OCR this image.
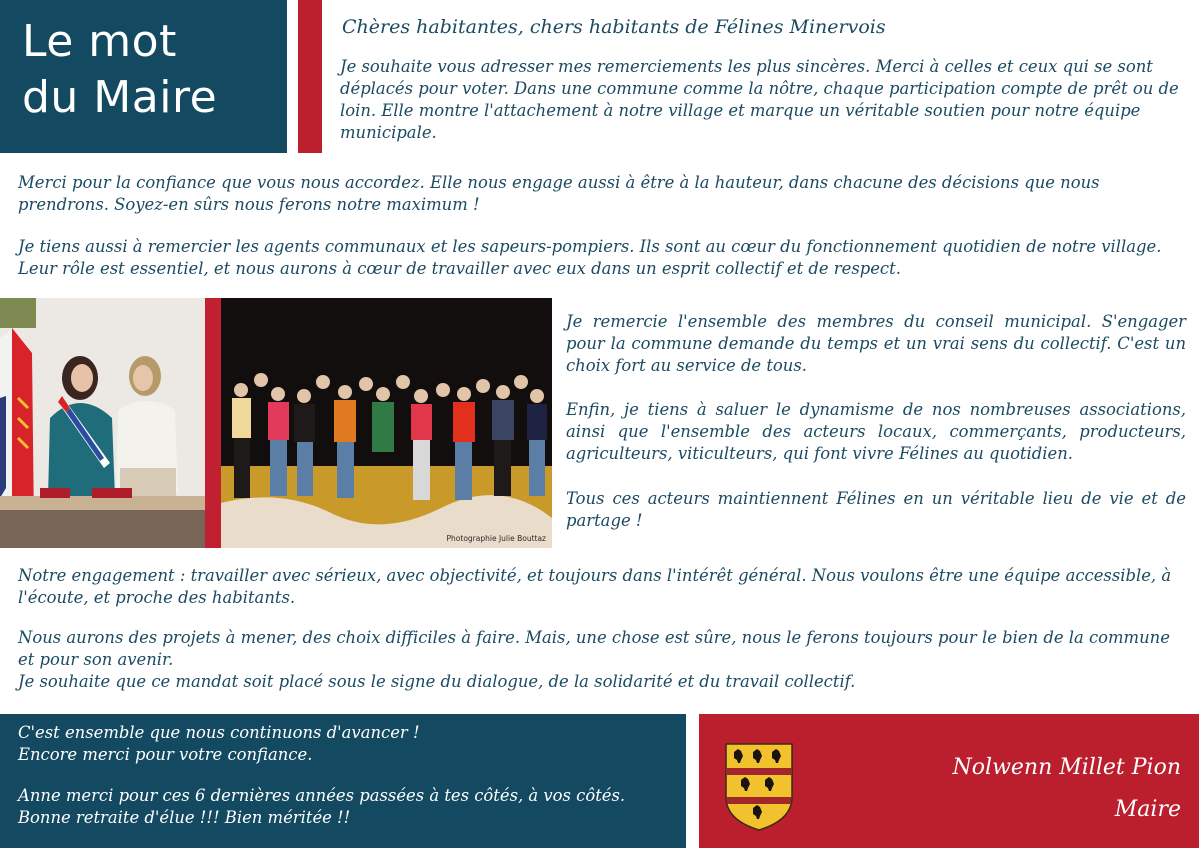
Le mot
du Maire
Chères habitantes, chers habitants de Félines Minervois
Je souhaite vous adresser mes remerciements les plus sincères. Merci à celles et ceux qui se sont déplacés pour voter. Dans une commune comme la nôtre, chaque participation compte de prêt ou de loin. Elle montre l'attachement à notre village et marque un véritable soutien pour notre équipe municipale.
Merci pour la confiance que vous nous accordez. Elle nous engage aussi à être à la hauteur, dans chacune des décisions que nous prendrons. Soyez-en sûrs nous ferons notre maximum !
Je tiens aussi à remercier les agents communaux et les sapeurs-pompiers. Ils sont au cœur du fonctionnement quotidien de notre village. Leur rôle est essentiel, et nous aurons à cœur de travailler avec eux dans un esprit collectif et de respect.
Photographie Julie Bouttaz
Je remercie l'ensemble des membres du conseil municipal. S'engager pour la commune demande du temps et un vrai sens du collectif. C'est un choix fort au service de tous.
Enfin, je tiens à saluer le dynamisme de nos nombreuses associations, ainsi que l'ensemble des acteurs locaux, commerçants, producteurs, agriculteurs, viticulteurs, qui font vivre Félines au quotidien.
Tous ces acteurs maintiennent Félines en un véritable lieu de vie et de partage !
Notre engagement : travailler avec sérieux, avec objectivité, et toujours dans l'intérêt général. Nous voulons être une équipe accessible, à l'écoute, et proche des habitants.
Nous aurons des projets à mener, des choix difficiles à faire. Mais, une chose est sûre, nous le ferons toujours pour le bien de la commune et pour son avenir.
Je souhaite que ce mandat soit placé sous le signe du dialogue, de la solidarité et du travail collectif.
C'est ensemble que nous continuons d'avancer !
Encore merci pour votre confiance.
Anne merci pour ces 6 dernières années passées à tes côtés, à vos côtés.
Bonne retraite d'élue !!! Bien méritée !!
Nolwenn Millet Pion
Maire
